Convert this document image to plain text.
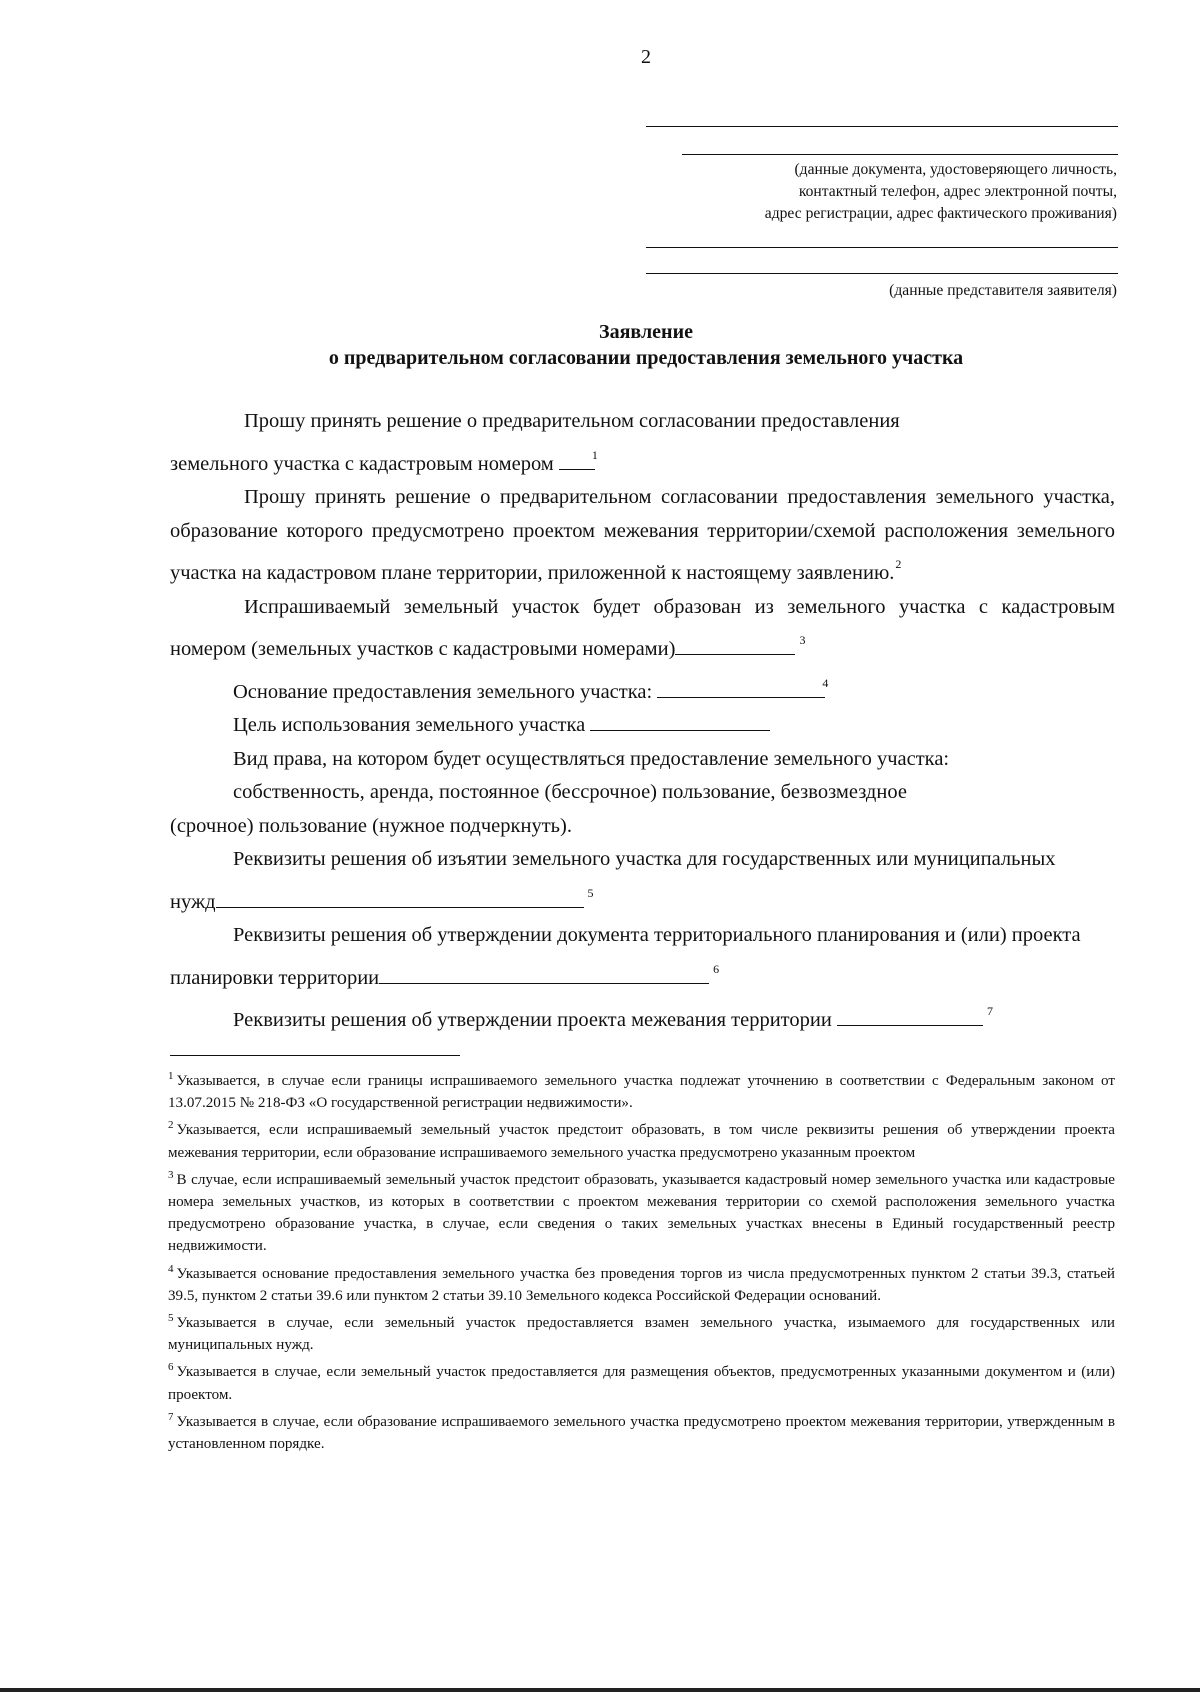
2
(данные документа, удостоверяющего личность,
контактный телефон, адрес электронной почты,
адрес регистрации, адрес фактического проживания)
(данные представителя заявителя)
Заявление
о предварительном согласовании предоставления земельного участка

Прошу принять решение о предварительном согласовании предоставления
земельного участка с кадастровым номером	$^1$

Прошу принять решение о предварительном согласовании предоставления земельного участка, образование которого предусмотрено проектом межевания территории/схемой расположения земельного участка на кадастровом плане территории, приложенной к настоящему заявлению.$^2$

Испрашиваемый земельный участок будет образован из земельного участка с кадастровым номером (земельных участков с кадастровыми номерами)	$^3$

Основание предоставления земельного участка:	$^4$

Цель использования земельного участка

Вид права, на котором будет осуществляться предоставление земельного участка:

собственность, аренда, постоянное (бессрочное) пользование, безвозмездное (срочное) пользование (нужное подчеркнуть).

Реквизиты решения об изъятии земельного участка для государственных или муниципальных нужд	$^5$

Реквизиты решения об утверждении документа территориального планирования и (или) проекта планировки территории	$^6$

Реквизиты решения об утверждении проекта межевания территории	$^7$

$^1$ Указывается, в случае если границы испрашиваемого земельного участка подлежат уточнению в соответствии с Федеральным законом от 13.07.2015 № 218-ФЗ «О государственной регистрации недвижимости».

$^2$ Указывается, если испрашиваемый земельный участок предстоит образовать, в том числе реквизиты решения об утверждении проекта межевания территории, если образование испрашиваемого земельного участка предусмотрено указанным проектом

$^3$ В случае, если испрашиваемый земельный участок предстоит образовать, указывается кадастровый номер земельного участка или кадастровые номера земельных участков, из которых в соответствии с проектом межевания территории со схемой расположения земельного участка предусмотрено образование участка, в случае, если сведения о таких земельных участках внесены в Единый государственный реестр недвижимости.

$^4$ Указывается основание предоставления земельного участка без проведения торгов из числа предусмотренных пунктом 2 статьи 39.3, статьей 39.5, пунктом 2 статьи 39.6 или пунктом 2 статьи 39.10 Земельного кодекса Российской Федерации оснований.

$^5$ Указывается в случае, если земельный участок предоставляется взамен земельного участка, изымаемого для государственных или муниципальных нужд.

$^6$ Указывается в случае, если земельный участок предоставляется для размещения объектов, предусмотренных указанными документом и (или) проектом.

$^7$ Указывается в случае, если образование испрашиваемого земельного участка предусмотрено проектом межевания территории, утвержденным в установленном порядке.
